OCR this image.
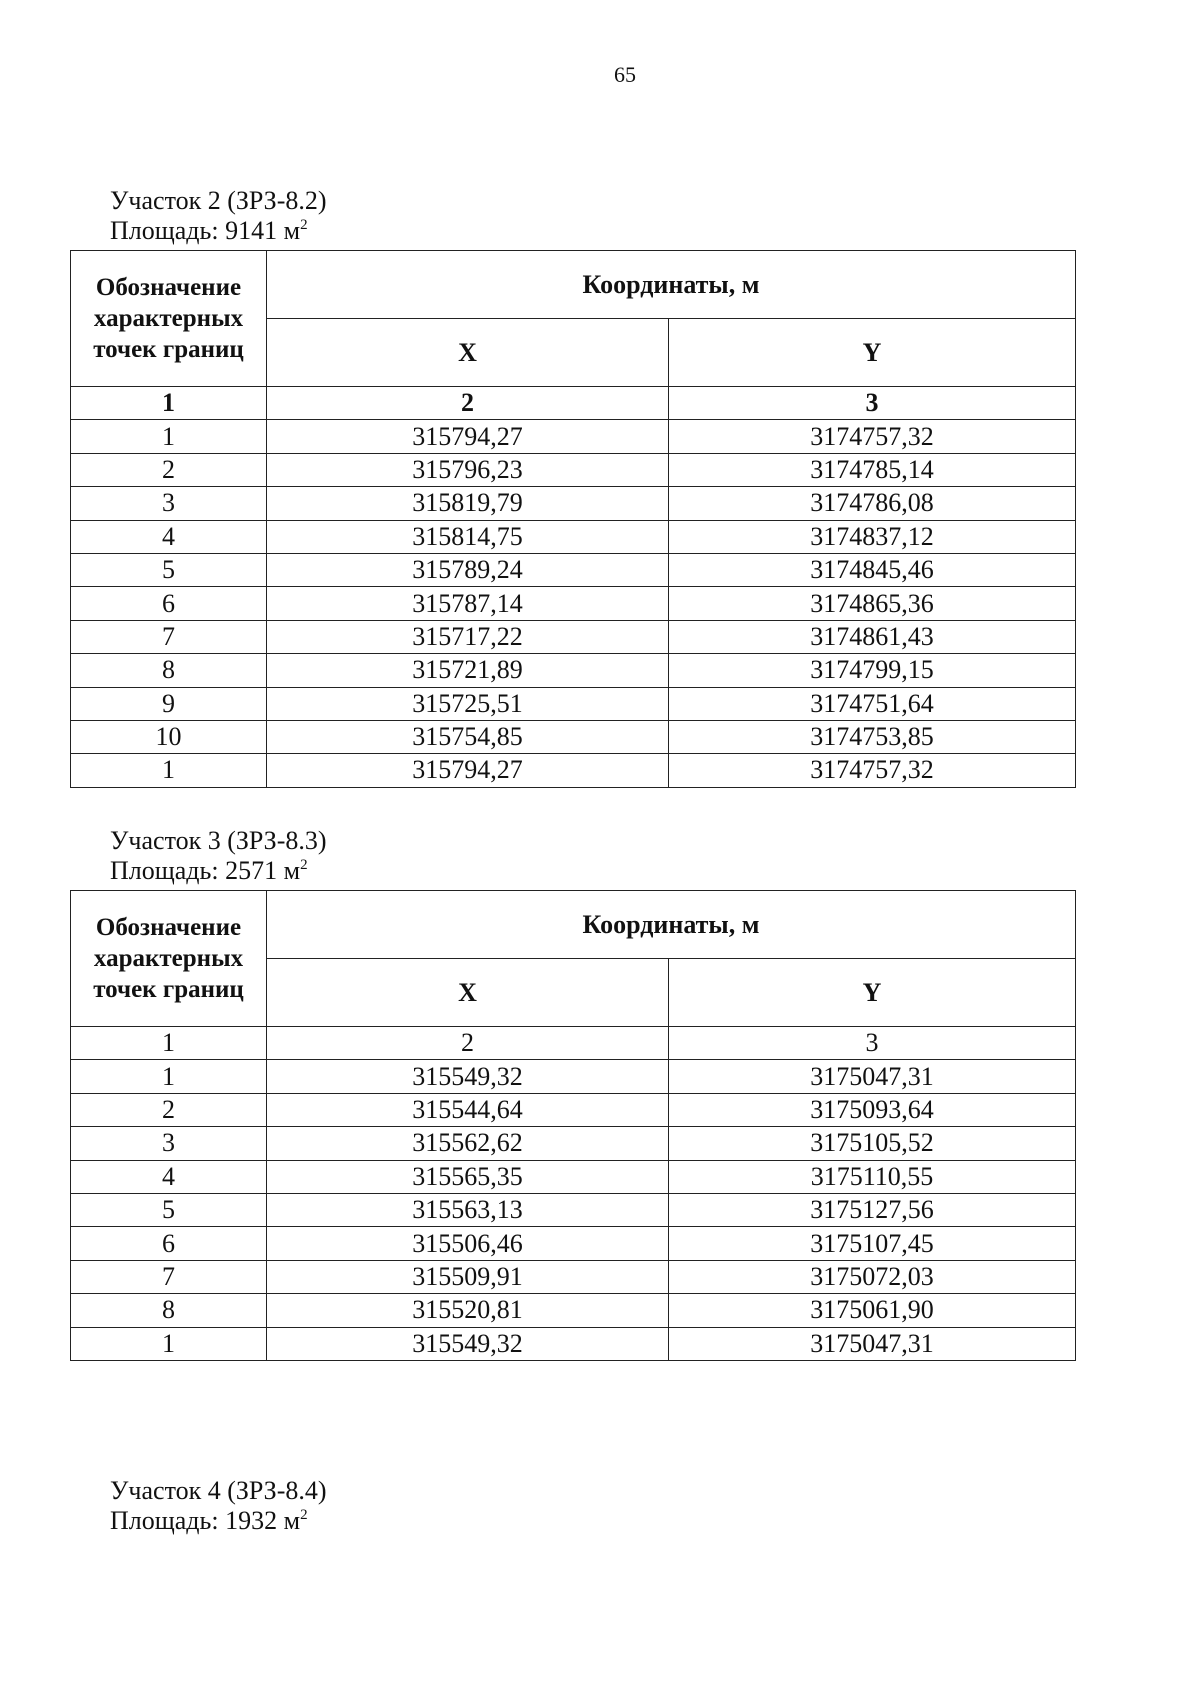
65
Участок 2 (ЗРЗ-8.2)
Площадь: 9141 $м^2$
Обозначение характерных точек границ	Координаты, м	
	X	Y
1	2	3
1	315794,27	3174757,32
2	315796,23	3174785,14
3	315819,79	3174786,08
4	315814,75	3174837,12
5	315789,24	3174845,46
6	315787,14	3174865,36
7	315717,22	3174861,43
8	315721,89	3174799,15
9	315725,51	3174751,64
10	315754,85	3174753,85
1	315794,27	3174757,32
Участок 3 (ЗРЗ-8.3)
Площадь: 2571 $м^2$
Обозначение характерных точек границ	Координаты, м	
	X	Y
1	2	3
1	315549,32	3175047,31
2	315544,64	3175093,64
3	315562,62	3175105,52
4	315565,35	3175110,55
5	315563,13	3175127,56
6	315506,46	3175107,45
7	315509,91	3175072,03
8	315520,81	3175061,90
1	315549,32	3175047,31
Участок 4 (ЗРЗ-8.4)
Площадь: 1932 $м^2$
